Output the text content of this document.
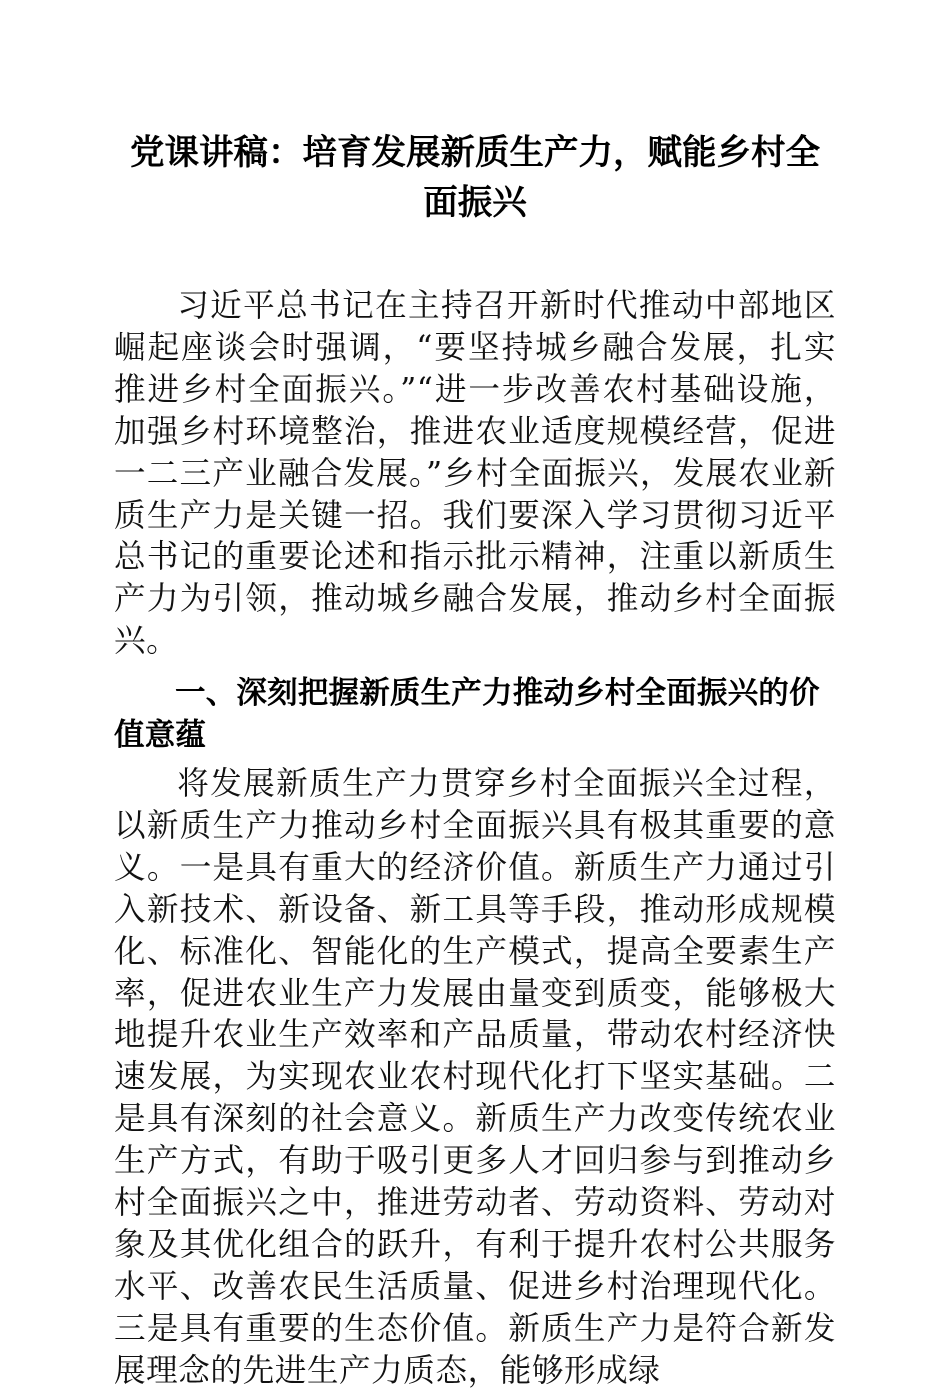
党课讲稿：培育发展新质生产力，赋能乡村全面振兴

习近平总书记在主持召开新时代推动中部地区崛起座谈会时强调，“要坚持城乡融合发展，扎实推进乡村全面振兴。”“进一步改善农村基础设施，加强乡村环境整治，推进农业适度规模经营，促进一二三产业融合发展。”乡村全面振兴，发展农业新质生产力是关键一招。我们要深入学习贯彻习近平总书记的重要论述和指示批示精神，注重以新质生产力为引领，推动城乡融合发展，推动乡村全面振兴。

一、深刻把握新质生产力推动乡村全面振兴的价值意蕴

将发展新质生产力贯穿乡村全面振兴全过程，以新质生产力推动乡村全面振兴具有极其重要的意义。一是具有重大的经济价值。新质生产力通过引入新技术、新设备、新工具等手段，推动形成规模化、标准化、智能化的生产模式，提高全要素生产率，促进农业生产力发展由量变到质变，能够极大地提升农业生产效率和产品质量，带动农村经济快速发展，为实现农业农村现代化打下坚实基础。二是具有深刻的社会意义。新质生产力改变传统农业生产方式，有助于吸引更多人才回归参与到推动乡村全面振兴之中，推进劳动者、劳动资料、劳动对象及其优化组合的跃升，有利于提升农村公共服务水平、改善农民生活质量、促进乡村治理现代化。三是具有重要的生态价值。新质生产力是符合新发展理念的先进生产力质态，能够形成绿
